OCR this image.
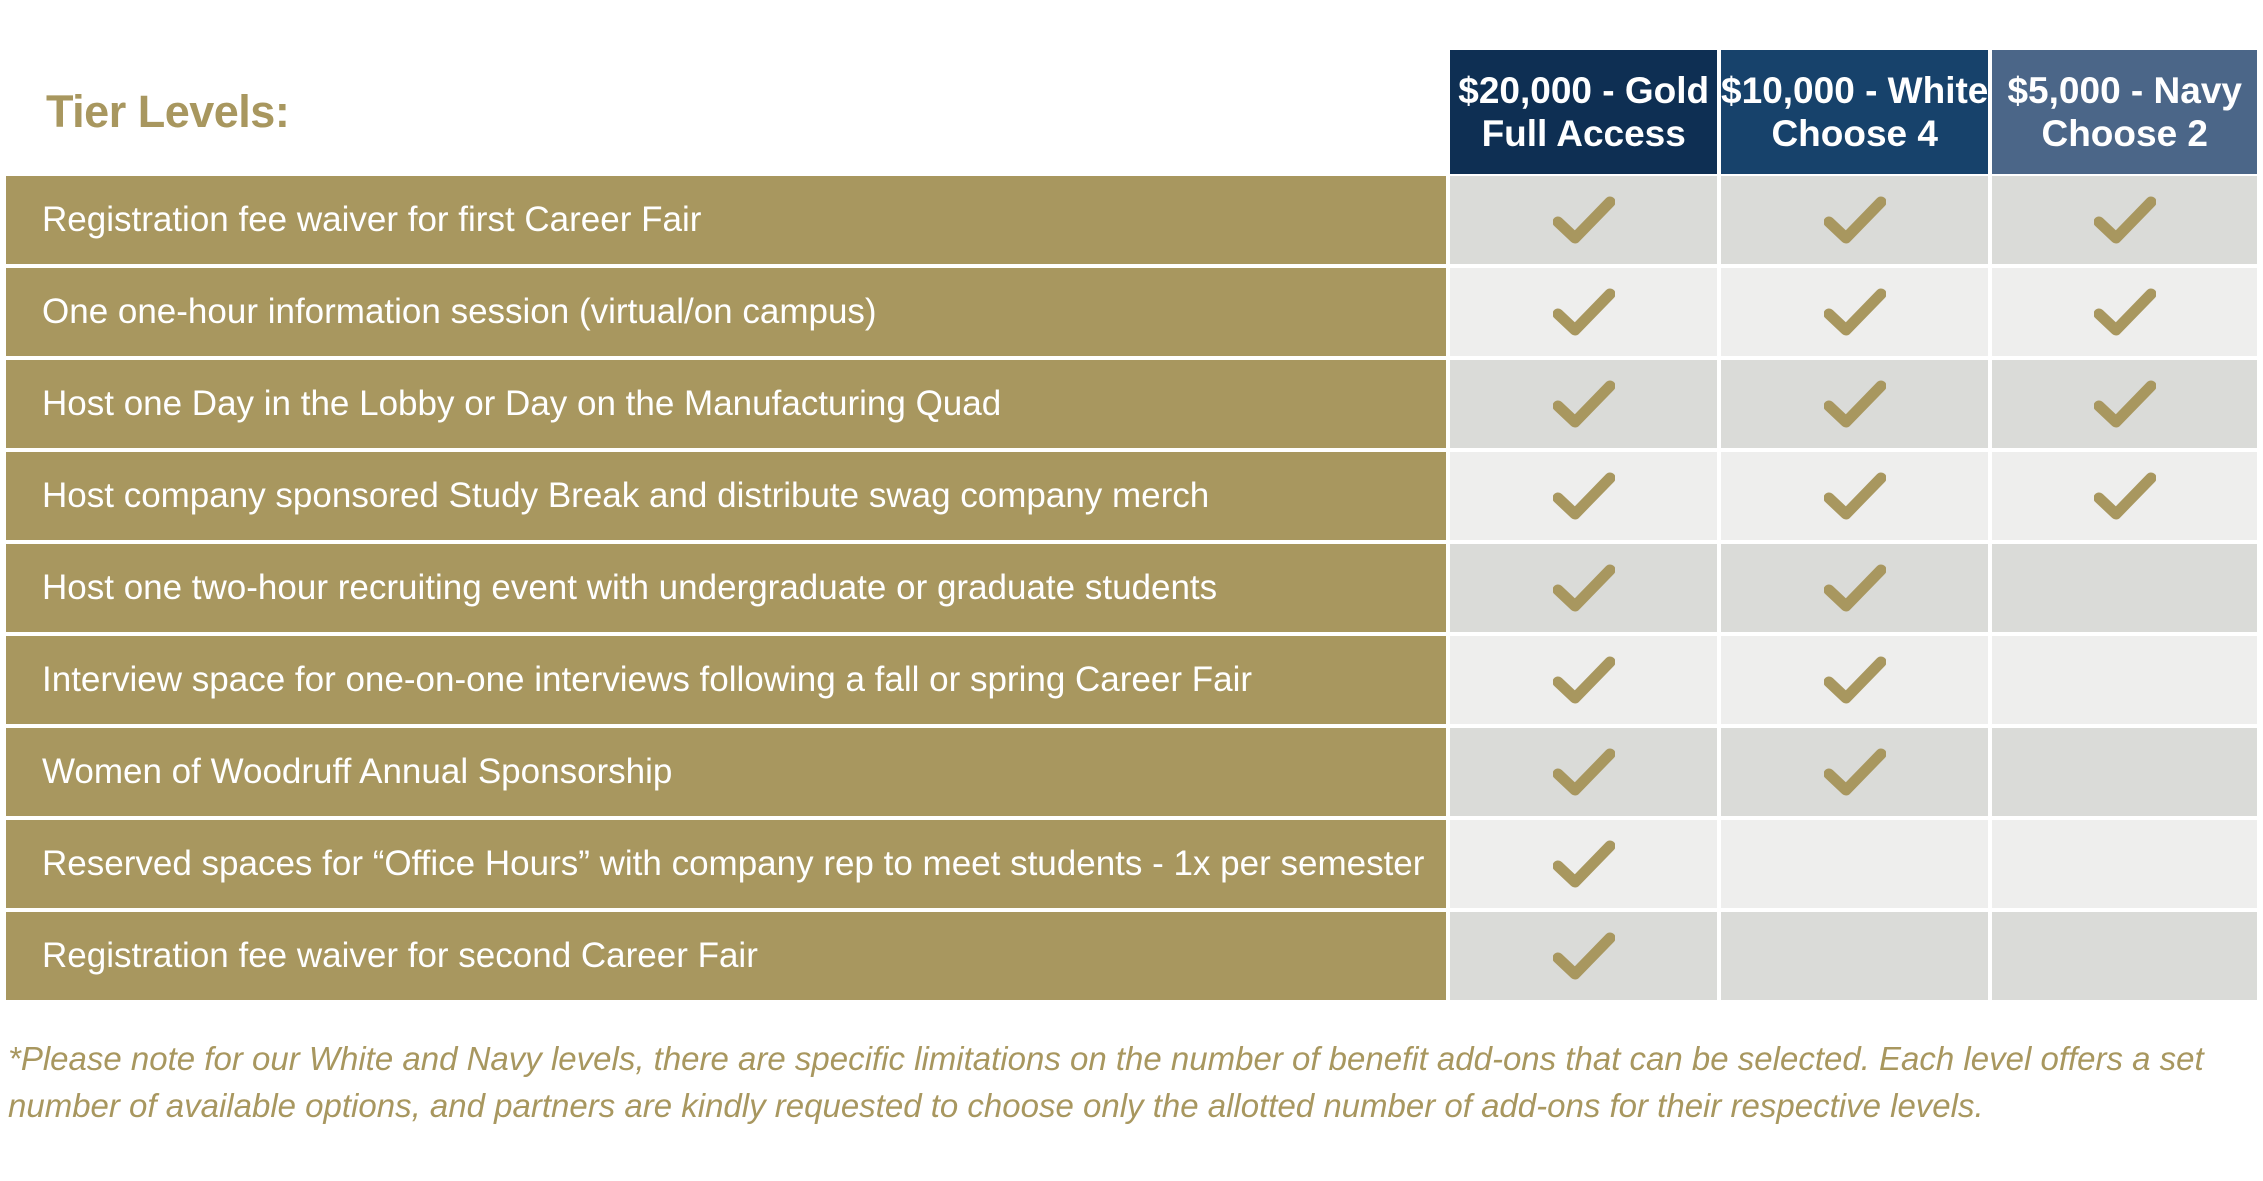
Tier Levels:	$20,000 - Gold
Full Access
$10,000 - White
Choose 4
$5,000 - Navy
Choose 2
Registration fee waiver for first Career Fair
One one-hour information session (virtual/on campus)
Host one Day in the Lobby or Day on the Manufacturing Quad
Host company sponsored Study Break and distribute swag company merch
Host one two-hour recruiting event with undergraduate or graduate students
Interview space for one-on-one interviews following a fall or spring Career Fair
Women of Woodruff Annual Sponsorship
Reserved spaces for “Office Hours” with company rep to meet students - 1x per semester
Registration fee waiver for second Career Fair
*Please note for our White and Navy levels, there are specific limitations on the number of benefit add-ons that can be selected. Each level offers a set number of available options, and partners are kindly requested to choose only the allotted number of add-ons for their respective levels.
